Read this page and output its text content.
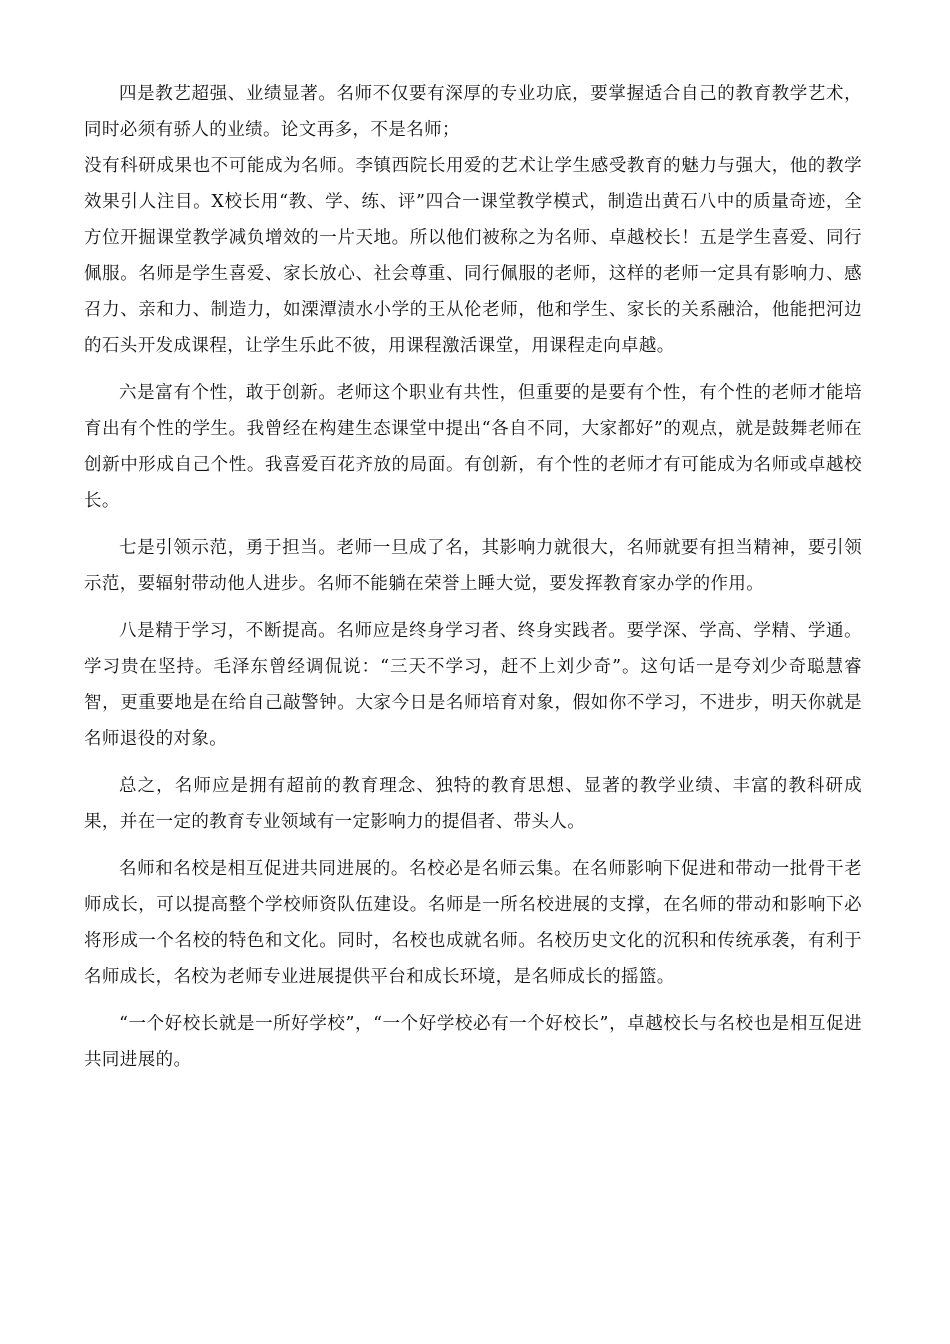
四是教艺超强、业绩显著。名师不仅要有深厚的专业功底，要掌握适合自己的教育教学艺术，同时必须有骄人的业绩。论文再多，不是名师；

没有科研成果也不可能成为名师。李镇西院长用爱的艺术让学生感受教育的魅力与强大，他的教学效果引人注目。X校长用“教、学、练、评”四合一课堂教学模式，制造出黄石八中的质量奇迹，全方位开掘课堂教学减负增效的一片天地。所以他们被称之为名师、卓越校长！五是学生喜爱、同行佩服。名师是学生喜爱、家长放心、社会尊重、同行佩服的老师，这样的老师一定具有影响力、感召力、亲和力、制造力，如溧潭渍水小学的王从伦老师，他和学生、家长的关系融洽，他能把河边的石头开发成课程，让学生乐此不彼，用课程激活课堂，用课程走向卓越。

六是富有个性，敢于创新。老师这个职业有共性，但重要的是要有个性，有个性的老师才能培育出有个性的学生。我曾经在构建生态课堂中提出“各自不同，大家都好”的观点，就是鼓舞老师在创新中形成自己个性。我喜爱百花齐放的局面。有创新，有个性的老师才有可能成为名师或卓越校长。

七是引领示范，勇于担当。老师一旦成了名，其影响力就很大，名师就要有担当精神，要引领示范，要辐射带动他人进步。名师不能躺在荣誉上睡大觉，要发挥教育家办学的作用。

八是精于学习，不断提高。名师应是终身学习者、终身实践者。要学深、学高、学精、学通。学习贵在坚持。毛泽东曾经调侃说：“三天不学习，赶不上刘少奇”。这句话一是夸刘少奇聪慧睿智，更重要地是在给自己敲警钟。大家今日是名师培育对象，假如你不学习，不进步，明天你就是名师退役的对象。

总之，名师应是拥有超前的教育理念、独特的教育思想、显著的教学业绩、丰富的教科研成果，并在一定的教育专业领域有一定影响力的提倡者、带头人。

名师和名校是相互促进共同进展的。名校必是名师云集。在名师影响下促进和带动一批骨干老师成长，可以提高整个学校师资队伍建设。名师是一所名校进展的支撑，在名师的带动和影响下必将形成一个名校的特色和文化。同时，名校也成就名师。名校历史文化的沉积和传统承袭，有利于名师成长，名校为老师专业进展提供平台和成长环境，是名师成长的摇篮。

“一个好校长就是一所好学校”，“一个好学校必有一个好校长”，卓越校长与名校也是相互促进共同进展的。
